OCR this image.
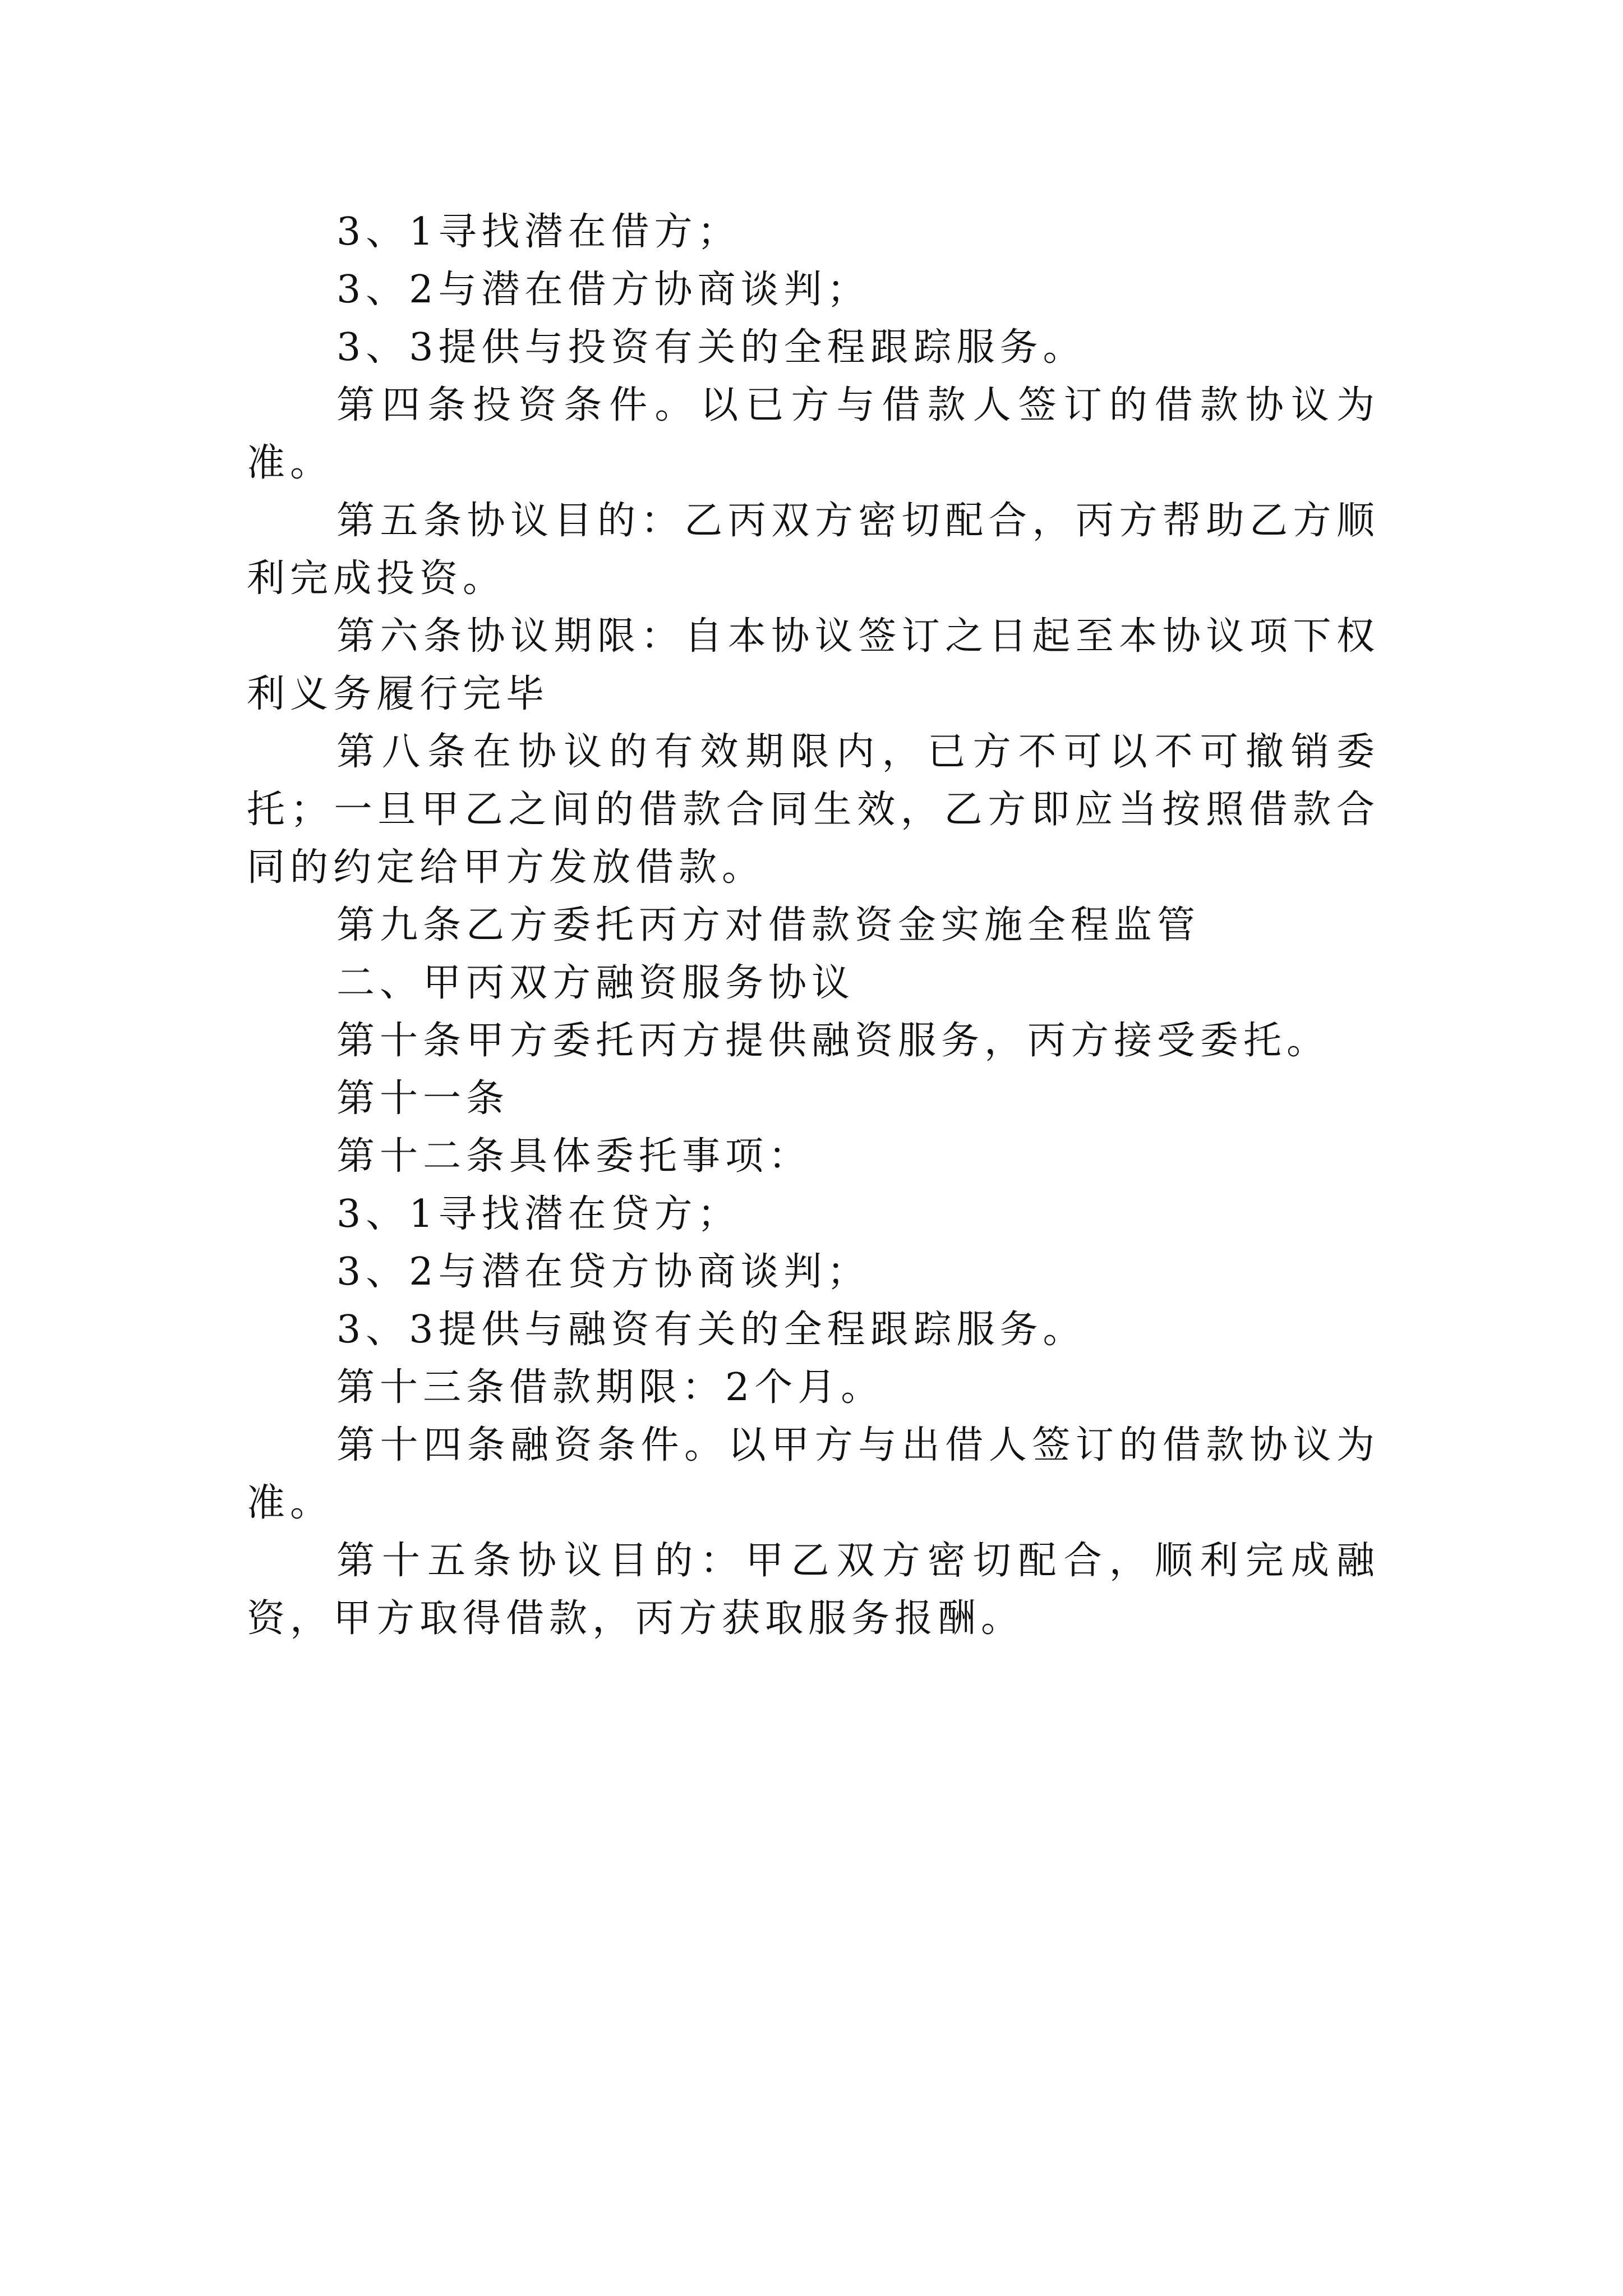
3、1寻找潜在借方；

3、2与潜在借方协商谈判；

3、3提供与投资有关的全程跟踪服务。

第四条投资条件。以已方与借款人签订的借款协议为准。

第五条协议目的：乙丙双方密切配合，丙方帮助乙方顺利完成投资。

第六条协议期限：自本协议签订之日起至本协议项下权利义务履行完毕

第八条在协议的有效期限内，已方不可以不可撤销委托；一旦甲乙之间的借款合同生效，乙方即应当按照借款合同的约定给甲方发放借款。

第九条乙方委托丙方对借款资金实施全程监管

二、甲丙双方融资服务协议

第十条甲方委托丙方提供融资服务，丙方接受委托。

第十一条

第十二条具体委托事项：

3、1寻找潜在贷方；

3、2与潜在贷方协商谈判；

3、3提供与融资有关的全程跟踪服务。

第十三条借款期限：2个月。

第十四条融资条件。以甲方与出借人签订的借款协议为准。

第十五条协议目的：甲乙双方密切配合，顺利完成融资，甲方取得借款，丙方获取服务报酬。
